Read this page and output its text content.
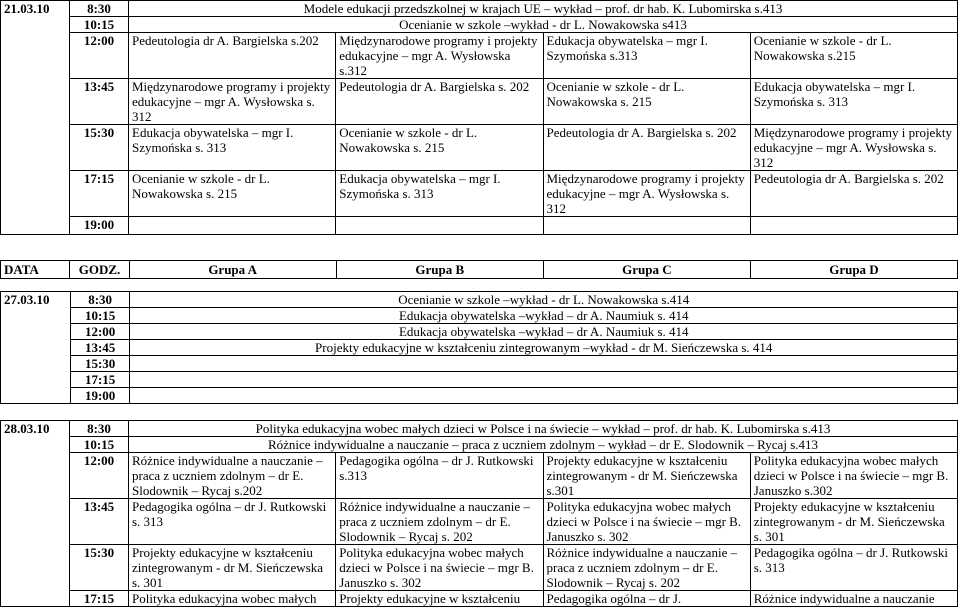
21.03.10	8:30	Modele edukacji przedszkolnej w krajach UE – wykład – prof. dr hab. K. Lubomirska s.413			
	10:15	Ocenianie w szkole –wykład - dr L. Nowakowska s413			
	12:00	Pedeutologia dr A. Bargielska s.202	Międzynarodowe programy i projekty edukacyjne – mgr A. Wysłowska s.312	Edukacja obywatelska – mgr I. Szymońska s.313	Ocenianie w szkole - dr L. Nowakowska s.215
	13:45	Międzynarodowe programy i projekty edukacyjne – mgr A. Wysłowska s. 312	Pedeutologia dr A. Bargielska s. 202	Ocenianie w szkole - dr L. Nowakowska s. 215	Edukacja obywatelska – mgr I. Szymońska s. 313
	15:30	Edukacja obywatelska – mgr I. Szymońska s. 313	Ocenianie w szkole - dr L. Nowakowska s. 215	Pedeutologia dr A. Bargielska s. 202	Międzynarodowe programy i projekty edukacyjne – mgr A. Wysłowska s. 312
	17:15	Ocenianie w szkole - dr L. Nowakowska s. 215	Edukacja obywatelska – mgr I. Szymońska s. 313	Międzynarodowe programy i projekty edukacyjne – mgr A. Wysłowska s. 312	Pedeutologia dr A. Bargielska s. 202
	19:00				
DATA	GODZ.	Grupa A	Grupa B	Grupa C	Grupa D
27.03.10	8:30	Ocenianie w szkole –wykład - dr L. Nowakowska s.414
	10:15	Edukacja obywatelska –wykład – dr A. Naumiuk s. 414
	12:00	Edukacja obywatelska –wykład – dr A. Naumiuk s. 414
	13:45	Projekty edukacyjne w kształceniu zintegrowanym –wykład - dr M. Sieńczewska s. 414
	15:30	
	17:15	
	19:00	
28.03.10	8:30	Polityka edukacyjna wobec małych dzieci w Polsce i na świecie – wykład – prof. dr hab. K. Lubomirska s.413			
	10:15	Różnice indywidualne a nauczanie – praca z uczniem zdolnym – wykład – dr E. Slodownik – Rycaj s.413			
	12:00	Różnice indywidualne a nauczanie – praca z uczniem zdolnym – dr E. Slodownik – Rycaj s.202	Pedagogika ogólna – dr J. Rutkowski s.313	Projekty edukacyjne w kształceniu zintegrowanym - dr M. Sieńczewska s.301	Polityka edukacyjna wobec małych dzieci w Polsce i na świecie – mgr B. Januszko s.302
	13:45	Pedagogika ogólna – dr J. Rutkowski s. 313	Różnice indywidualne a nauczanie – praca z uczniem zdolnym – dr E. Slodownik – Rycaj s. 202	Polityka edukacyjna wobec małych dzieci w Polsce i na świecie – mgr B. Januszko s. 302	Projekty edukacyjne w kształceniu zintegrowanym - dr M. Sieńczewska s. 301
	15:30	Projekty edukacyjne w kształceniu zintegrowanym - dr M. Sieńczewska s. 301	Polityka edukacyjna wobec małych dzieci w Polsce i na świecie – mgr B. Januszko s. 302	Różnice indywidualne a nauczanie – praca z uczniem zdolnym – dr E. Slodownik – Rycaj s. 202	Pedagogika ogólna – dr J. Rutkowski s. 313
	17:15	Polityka edukacyjna wobec małych	Projekty edukacyjne w kształceniu	Pedagogika ogólna – dr J.	Różnice indywidualne a nauczanie
